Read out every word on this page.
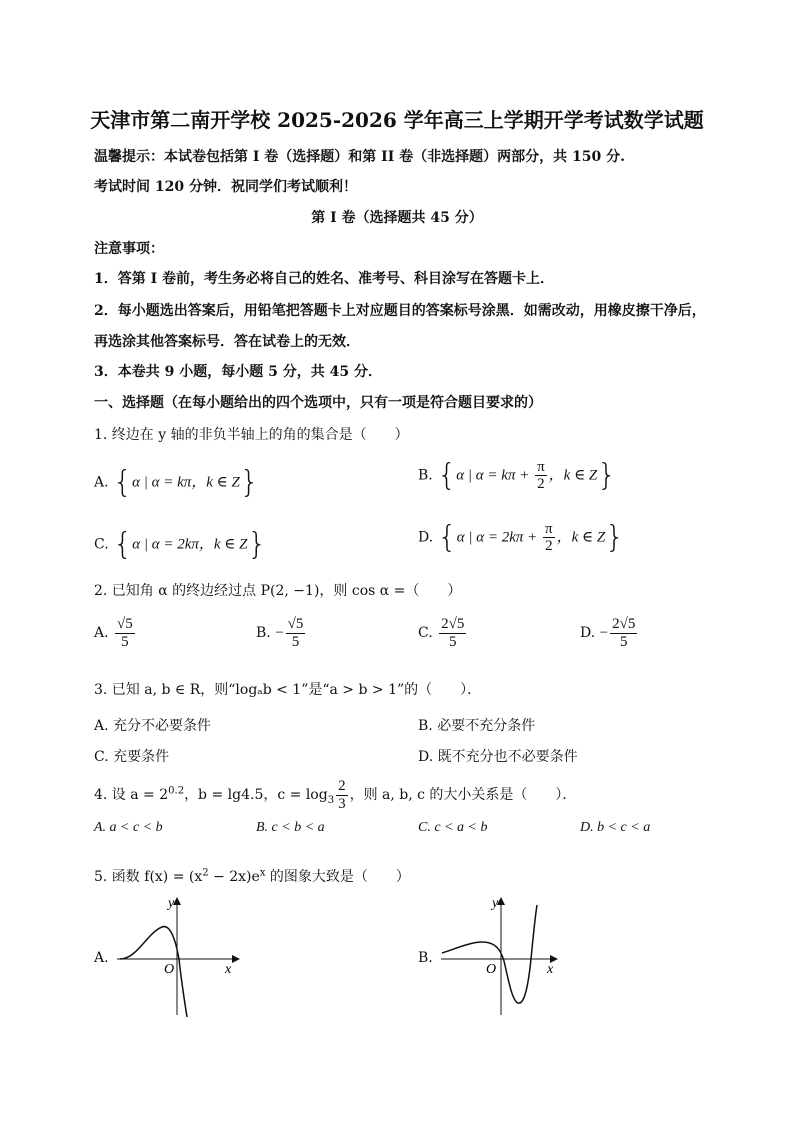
天津市第二南开学校 2025-2026 学年高三上学期开学考试数学试题
温馨提示：本试卷包括第 I 卷（选择题）和第 II 卷（非选择题）两部分，共 150 分.
考试时间 120 分钟．祝同学们考试顺利！
第 I 卷（选择题共 45 分）
注意事项：
1．答第 I 卷前，考生务必将自己的姓名、准考号、科目涂写在答题卡上．
2．每小题选出答案后，用铅笔把答题卡上对应题目的答案标号涂黑．如需改动，用橡皮擦干净后，
再选涂其他答案标号．答在试卷上的无效．
3．本卷共 9 小题，每小题 5 分，共 45 分．
一、选择题（在每小题给出的四个选项中，只有一项是符合题目要求的）
1. 终边在 y 轴的非负半轴上的角的集合是（　　）
A. {α | α = kπ，k ∈ Z}	B. {α | $\alpha = k\pi + \frac{\pi}{2}$ ，k ∈ Z}
C. {α | α = 2kπ，k ∈ Z}	D. {α | $\alpha = 2k\pi + \frac{\pi}{2}$ ，k ∈ Z}
2. 已知角 α 的终边经过点 P(2, −1)，则 cos α =（　　）
A. $\frac{√5}{5}$	B. − $\frac{√5}{5}$	C. $\frac{2√5}{5}$	D. − $\frac{2√5}{5}$
3. 已知 a, b ∈ R，则“logₐb < 1”是“a > b > 1”的（　　）．
A. 充分不必要条件	B. 必要不充分条件
C. 充要条件	D. 既不充分也不必要条件
4. 设 $a = 2^{0.2}$，b = lg4.5，$c = \log_3 \frac{2}{3}$ ，则 a, b, c 的大小关系是（　　）．
A. a < c < b	B. c < b < a	C. c < a < b	D. b < c < a
5. 函数 $f(x) = (x^2 - 2x)e^x$ 的图象大致是（　　）
A.
x
y
O
B.
x
y
O
